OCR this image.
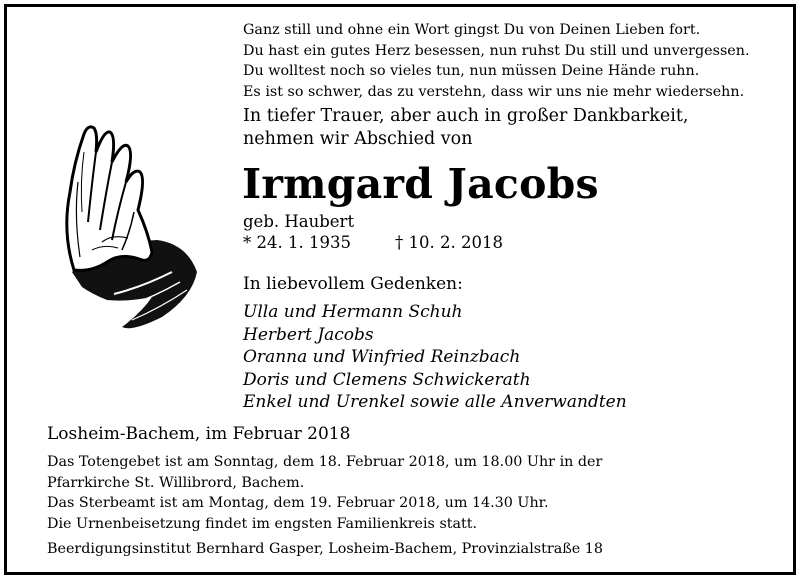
Ganz still und ohne ein Wort gingst Du von Deinen Lieben fort.
Du hast ein gutes Herz besessen, nun ruhst Du still und unvergessen.
Du wolltest noch so vieles tun, nun müssen Deine Hände ruhn.
Es ist so schwer, das zu verstehn, dass wir uns nie mehr wiedersehn.
In tiefer Trauer, aber auch in großer Dankbarkeit,
nehmen wir Abschied von
Irmgard Jacobs
geb. Haubert
* 24. 1. 1935	† 10. 2. 2018
In liebevollem Gedenken:
Ulla und Hermann Schuh
Herbert Jacobs
Oranna und Winfried Reinzbach
Doris und Clemens Schwickerath
Enkel und Urenkel sowie alle Anverwandten
Losheim-Bachem, im Februar 2018
Das Totengebet ist am Sonntag, dem 18. Februar 2018, um 18.00 Uhr in der
Pfarrkirche St. Willibrord, Bachem.
Das Sterbeamt ist am Montag, dem 19. Februar 2018, um 14.30 Uhr.
Die Urnenbeisetzung findet im engsten Familienkreis statt.
Beerdigungsinstitut Bernhard Gasper, Losheim-Bachem, Provinzialstraße 18
